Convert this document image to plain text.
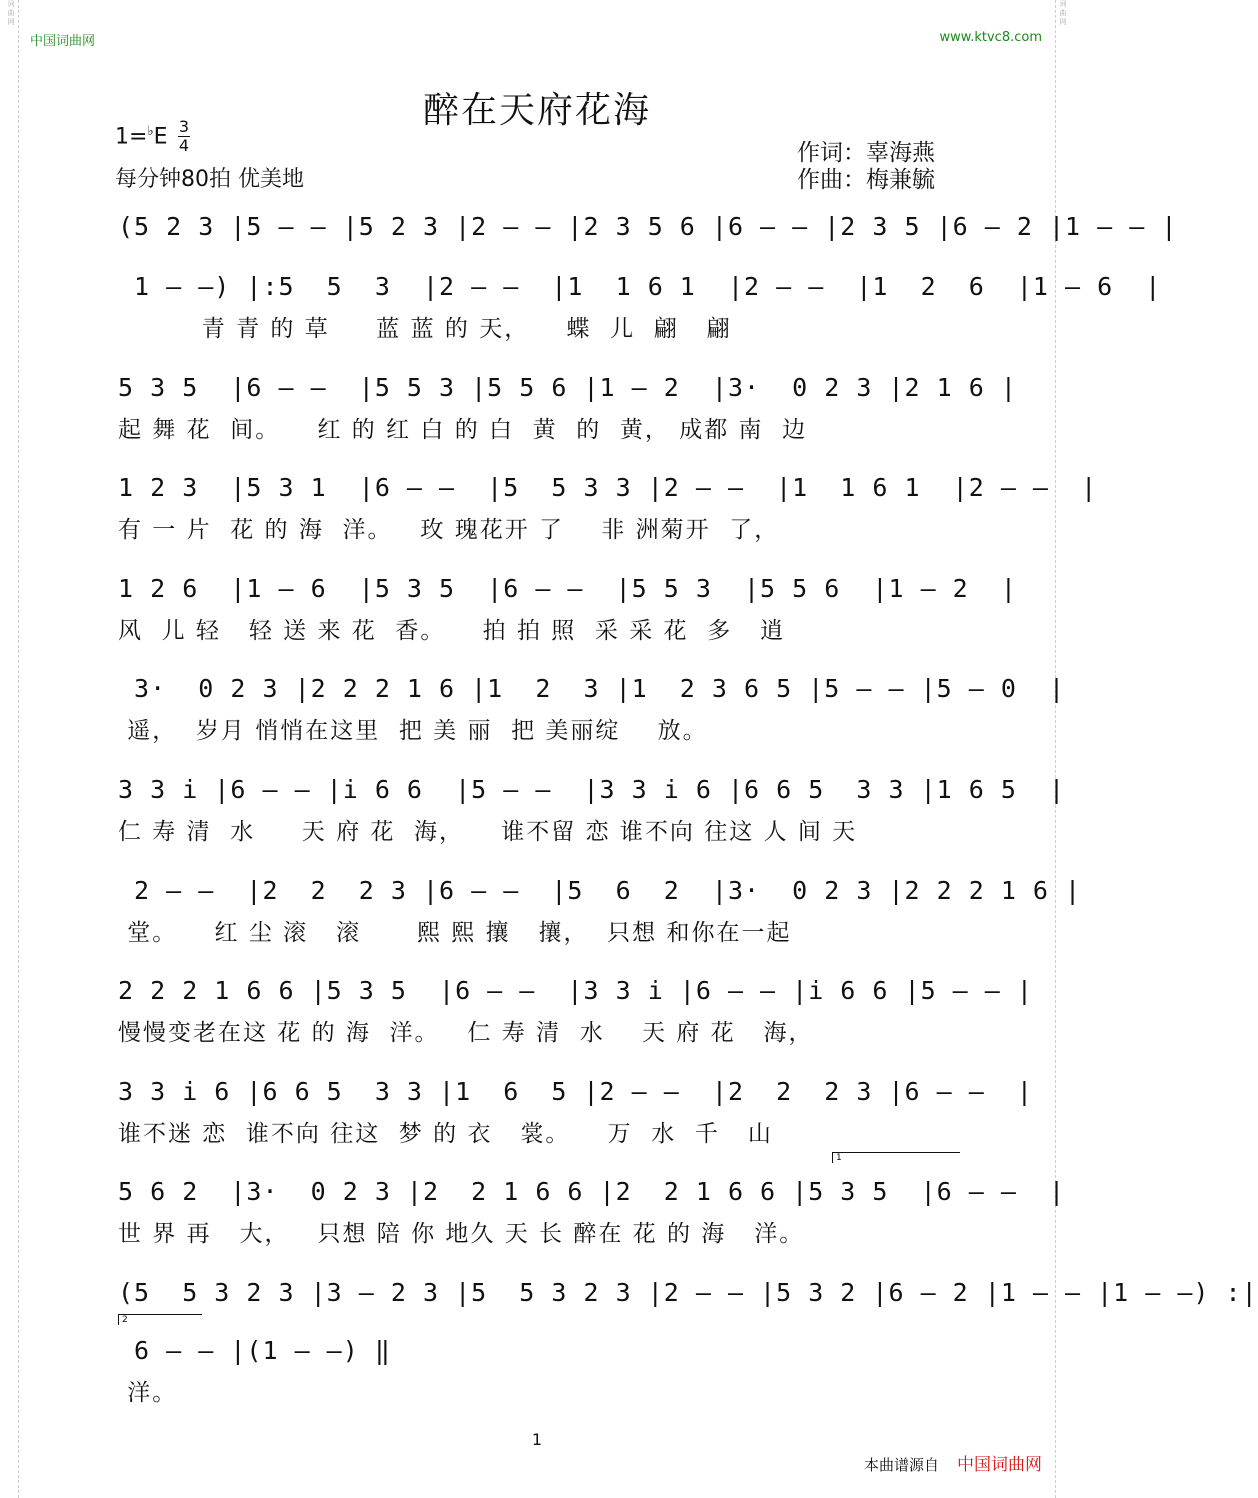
词
曲
网
词
曲
网
中国词曲网	www.ktvc8.com
醉在天府花海
1=♭E 3
4
每分钟80拍 优美地
作词：辜海燕
作曲：梅兼毓
(5 2 3 |5 — — |5 2 3 |2 — — |2 3 5 6 |6 — — |2 3 5 |6 — 2 |1 — — |
1 — —) |:5  5  3  |2 — —  |1  1 6 1  |2 — —  |1  2  6  |1 — 6  |
青 青 的 草     蓝 蓝 的 天，    蝶  儿  翩   翩
5 3 5  |6 — —  |5 5 3 |5 5 6 |1 — 2  |3·  0 2 3 |2 1 6 |
起 舞 花  间。    红 的 红 白 的 白  黄  的  黄， 成都 南  边
1 2 3  |5 3 1  |6 — —  |5  5 3 3 |2 — —  |1  1 6 1  |2 — —  |
有 一 片  花 的 海  洋。   玫 瑰花开 了    非 洲菊开  了，
1 2 6  |1 — 6  |5 3 5  |6 — —  |5 5 3  |5 5 6  |1 — 2  |
风  儿 轻   轻 送 来 花  香。    拍 拍 照  采 采 花  多   逍
3·  0 2 3 |2 2 2 1 6 |1  2  3 |1  2 3 6 5 |5 — — |5 — 0  |
遥，  岁月 悄悄在这里  把 美 丽  把 美丽绽    放。
3 3 i |6 — — |i 6 6  |5 — —  |3 3 i 6 |6 6 5  3 3 |1 6 5  |
仁 寿 清  水     天 府 花  海，    谁不留 恋 谁不向 往这 人 间 天
2 — —  |2  2  2 3 |6 — —  |5  6  2  |3·  0 2 3 |2 2 2 1 6 |
堂。    红 尘 滚   滚      熙 熙 攘   攘，  只想 和你在一起
2 2 2 1 6 6 |5 3 5  |6 — —  |3 3 i |6 — — |i 6 6 |5 — — |
慢慢变老在这 花 的 海  洋。   仁 寿 清  水    天 府 花   海，
3 3 i 6 |6 6 5  3 3 |1  6  5 |2 — —  |2  2  2 3 |6 — —  |
谁不迷 恋  谁不向 往这  梦 的 衣   裳。    万  水  千   山
1
5 6 2  |3·  0 2 3 |2  2 1 6 6 |2  2 1 6 6 |5 3 5  |6 — —  |
世 界 再   大，   只想 陪 你 地久 天 长 醉在 花 的 海   洋。
(5  5 3 2 3 |3 — 2 3 |5  5 3 2 3 |2 — — |5 3 2 |6 — 2 |1 — — |1 — —) :|
2
6 — — |(1 — —) ‖
洋。
1
本曲谱源自 中国词曲网
